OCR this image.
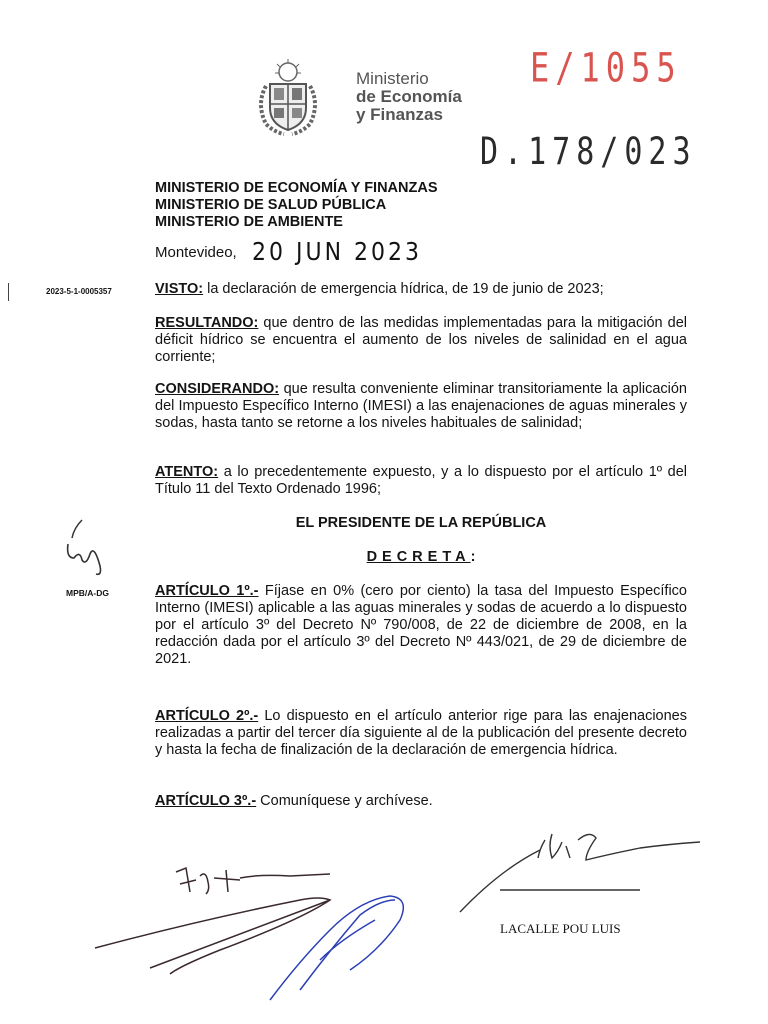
Ministerio
de Economía
y Finanzas
E/1055
D.178/023
MINISTERIO DE ECONOMÍA Y FINANZAS
MINISTERIO DE SALUD PÚBLICA
MINISTERIO DE AMBIENTE
Montevideo, 20 JUN 2023
2023-5-1-0005357	VISTO: la declaración de emergencia hídrica, de 19 de junio de 2023;

RESULTANDO: que dentro de las medidas implementadas para la mitigación del déficit hídrico se encuentra el aumento de los niveles de salinidad en el agua corriente;

CONSIDERANDO: que resulta conveniente eliminar transitoriamente la aplicación del Impuesto Específico Interno (IMESI) a las enajenaciones de aguas minerales y sodas, hasta tanto se retorne a los niveles habituales de salinidad;

ATENTO: a lo precedentemente expuesto, y a lo dispuesto por el artículo 1º del Título 11 del Texto Ordenado 1996;

EL PRESIDENTE DE LA REPÚBLICA
DECRETA:
MPB/A-DG	ARTÍCULO 1º.- Fíjase en 0% (cero por ciento) la tasa del Impuesto Específico Interno (IMESI) aplicable a las aguas minerales y sodas de acuerdo a lo dispuesto por el artículo 3º del Decreto Nº 790/008, de 22 de diciembre de 2008, en la redacción dada por el artículo 3º del Decreto Nº 443/021, de 29 de diciembre de 2021.

ARTÍCULO 2º.- Lo dispuesto en el artículo anterior rige para las enajenaciones realizadas a partir del tercer día siguiente al de la publicación del presente decreto y hasta la fecha de finalización de la declaración de emergencia hídrica.

ARTÍCULO 3º.- Comuníquese y archívese.

LACALLE POU LUIS
